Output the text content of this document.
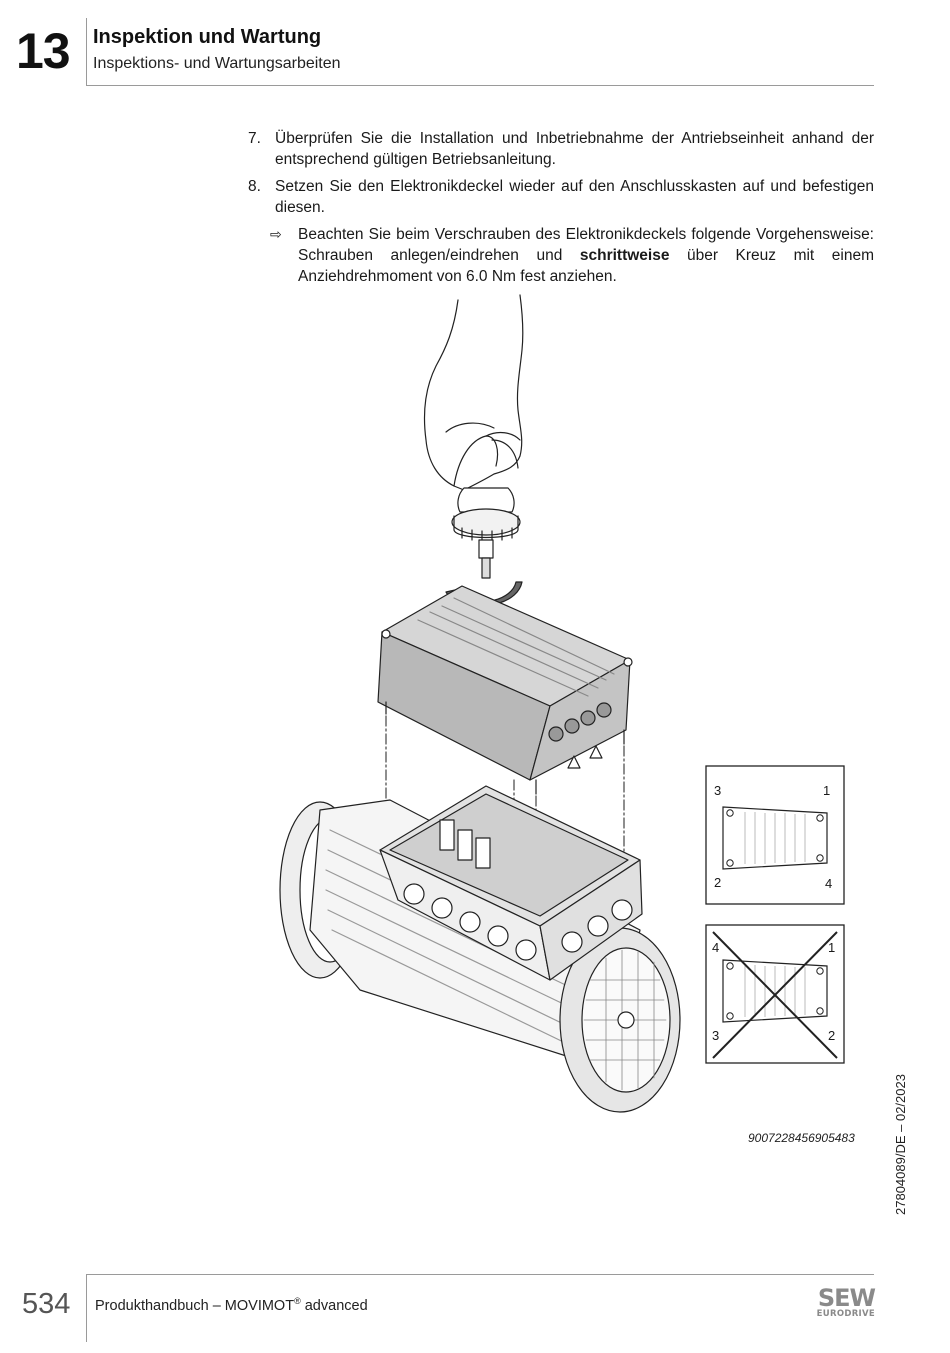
13 Inspektion und Wartung
Inspektions- und Wartungsarbeiten
7. Überprüfen Sie die Installation und Inbetriebnahme der Antriebseinheit anhand der entsprechend gültigen Betriebsanleitung.
8. Setzen Sie den Elektronikdeckel wieder auf den Anschlusskasten auf und befestigen diesen.
⇨	Beachten Sie beim Verschrauben des Elektronikdeckels folgende Vorgehensweise: Schrauben anlegen/eindrehen und schrittweise über Kreuz mit einem Anziehdrehmoment von 6.0 Nm fest anziehen.
3	1
2	4
4	1
3	2
9007228456905483	27804089/DE – 02/2023
534 Produkthandbuch – MOVIMOT® advanced	SEW
EURODRIVE
